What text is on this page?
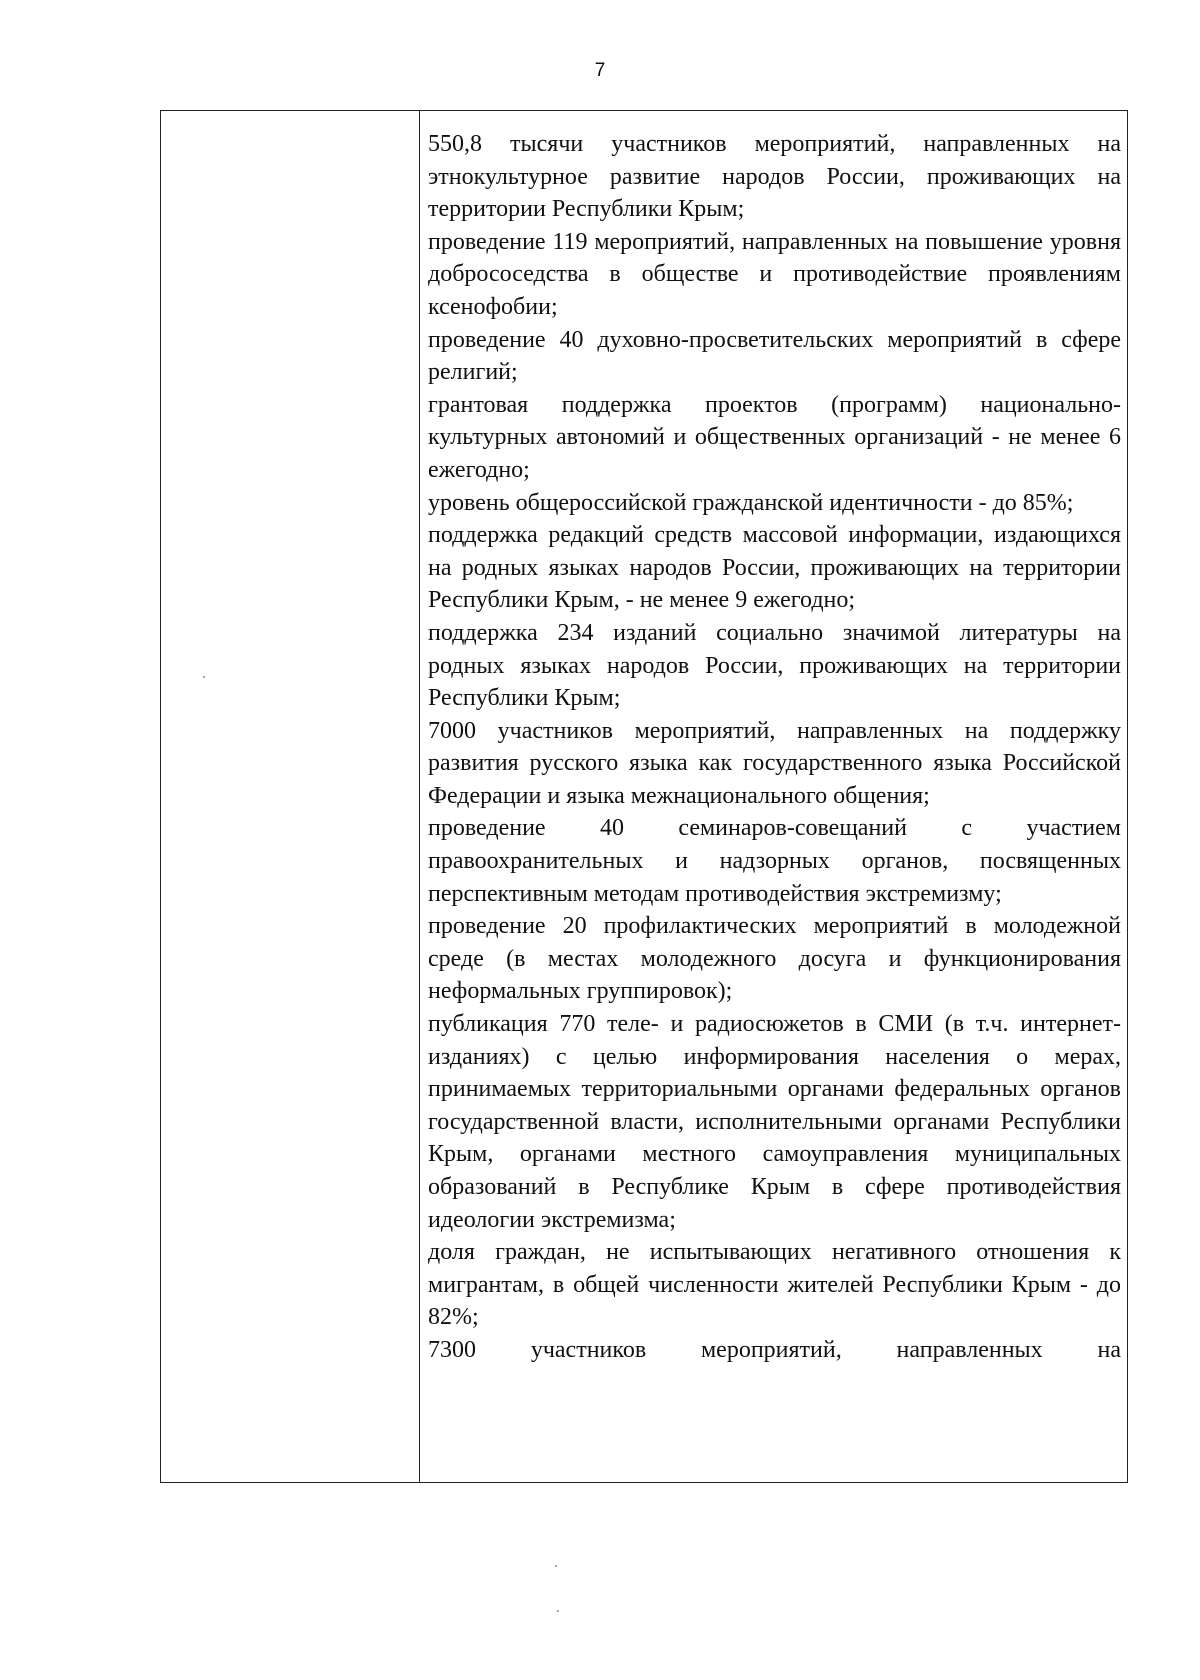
7

550,8 тысячи участников мероприятий, направленных на этнокультурное развитие народов России, проживающих на территории Республики Крым;

проведение 119 мероприятий, направленных на повышение уровня добрососедства в обществе и противодействие проявлениям ксенофобии;

проведение 40 духовно-просветительских мероприятий в сфере религий;

грантовая поддержка проектов (программ) национально-культурных автономий и общественных организаций - не менее 6 ежегодно;

уровень общероссийской гражданской идентичности - до 85%;

поддержка редакций средств массовой информации, издающихся на родных языках народов России, проживающих на территории Республики Крым, - не менее 9 ежегодно;

поддержка 234 изданий социально значимой литературы на родных языках народов России, проживающих на территории Республики Крым;

7000 участников мероприятий, направленных на поддержку развития русского языка как государственного языка Российской Федерации и языка межнационального общения;

проведение 40 семинаров-совещаний с участием правоохранительных и надзорных органов, посвященных перспективным методам противодействия экстремизму;

проведение 20 профилактических мероприятий в молодежной среде (в местах молодежного досуга и функционирования неформальных группировок);

публикация 770 теле- и радиосюжетов в СМИ (в т.ч. интернет-изданиях) с целью информирования населения о мерах, принимаемых территориальными органами федеральных органов государственной власти, исполнительными органами Республики Крым, органами местного самоуправления муниципальных образований в Республике Крым в сфере противодействия идеологии экстремизма;

доля граждан, не испытывающих негативного отношения к мигрантам, в общей численности жителей Республики Крым - до 82%;

7300 участников мероприятий, направленных на
